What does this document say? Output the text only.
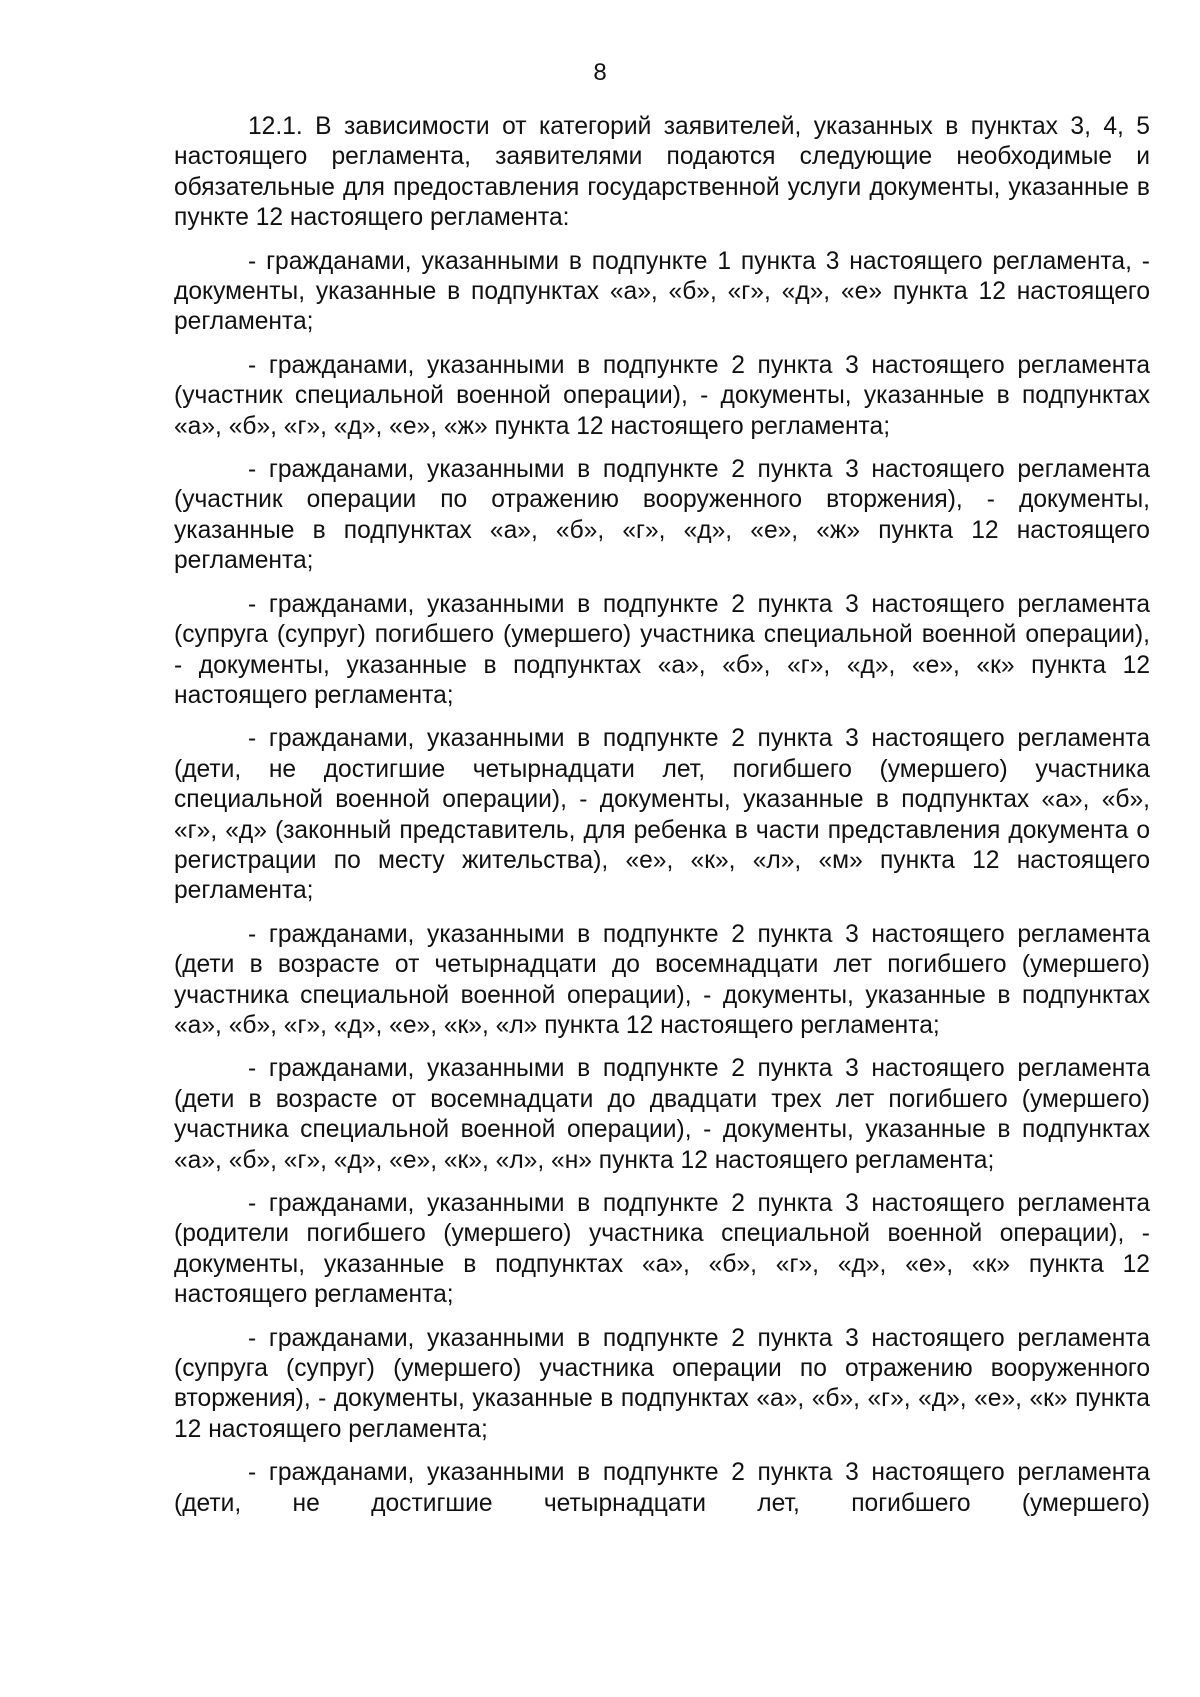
8

12.1. В зависимости от категорий заявителей, указанных в пунктах 3, 4, 5 настоящего регламента, заявителями подаются следующие необходимые и обязательные для предоставления государственной услуги документы, указанные в пункте 12 настоящего регламента:

- гражданами, указанными в подпункте 1 пункта 3 настоящего регламента, - документы, указанные в подпунктах «а», «б», «г», «д», «е» пункта 12 настоящего регламента;

- гражданами, указанными в подпункте 2 пункта 3 настоящего регламента (участник специальной военной операции), - документы, указанные в подпунктах «а», «б», «г», «д», «е», «ж» пункта 12 настоящего регламента;

- гражданами, указанными в подпункте 2 пункта 3 настоящего регламента (участник операции по отражению вооруженного вторжения), - документы, указанные в подпунктах «а», «б», «г», «д», «е», «ж» пункта 12 настоящего регламента;

- гражданами, указанными в подпункте 2 пункта 3 настоящего регламента (супруга (супруг) погибшего (умершего) участника специальной военной операции), - документы, указанные в подпунктах «а», «б», «г», «д», «е», «к» пункта 12 настоящего регламента;

- гражданами, указанными в подпункте 2 пункта 3 настоящего регламента (дети, не достигшие четырнадцати лет, погибшего (умершего) участника специальной военной операции), - документы, указанные в подпунктах «а», «б», «г», «д» (законный представитель, для ребенка в части представления документа о регистрации по месту жительства), «е», «к», «л», «м» пункта 12 настоящего регламента;

- гражданами, указанными в подпункте 2 пункта 3 настоящего регламента (дети в возрасте от четырнадцати до восемнадцати лет погибшего (умершего) участника специальной военной операции), - документы, указанные в подпунктах «а», «б», «г», «д», «е», «к», «л» пункта 12 настоящего регламента;

- гражданами, указанными в подпункте 2 пункта 3 настоящего регламента (дети в возрасте от восемнадцати до двадцати трех лет погибшего (умершего) участника специальной военной операции), - документы, указанные в подпунктах «а», «б», «г», «д», «е», «к», «л», «н» пункта 12 настоящего регламента;

- гражданами, указанными в подпункте 2 пункта 3 настоящего регламента (родители погибшего (умершего) участника специальной военной операции), - документы, указанные в подпунктах «а», «б», «г», «д», «е», «к» пункта 12 настоящего регламента;

- гражданами, указанными в подпункте 2 пункта 3 настоящего регламента (супруга (супруг) (умершего) участника операции по отражению вооруженного вторжения), - документы, указанные в подпунктах «а», «б», «г», «д», «е», «к» пункта 12 настоящего регламента;

- гражданами, указанными в подпункте 2 пункта 3 настоящего регламента (дети, не достигшие четырнадцати лет, погибшего (умершего)
